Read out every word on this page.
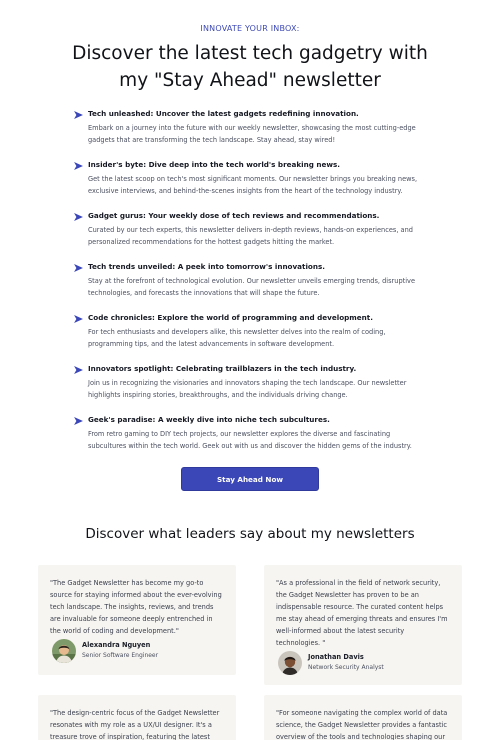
INNOVATE YOUR INBOX:
Discover the latest tech gadgetry with my "Stay Ahead" newsletter
Tech unleashed: Uncover the latest gadgets redefining innovation.
Embark on a journey into the future with our weekly newsletter, showcasing the most cutting-edge gadgets that are transforming the tech landscape. Stay ahead, stay wired!
Insider's byte: Dive deep into the tech world's breaking news.
Get the latest scoop on tech's most significant moments. Our newsletter brings you breaking news, exclusive interviews, and behind-the-scenes insights from the heart of the technology industry.
Gadget gurus: Your weekly dose of tech reviews and recommendations.
Curated by our tech experts, this newsletter delivers in-depth reviews, hands-on experiences, and personalized recommendations for the hottest gadgets hitting the market.
Tech trends unveiled: A peek into tomorrow's innovations.
Stay at the forefront of technological evolution. Our newsletter unveils emerging trends, disruptive technologies, and forecasts the innovations that will shape the future.
Code chronicles: Explore the world of programming and development.
For tech enthusiasts and developers alike, this newsletter delves into the realm of coding, programming tips, and the latest advancements in software development.
Innovators spotlight: Celebrating trailblazers in the tech industry.
Join us in recognizing the visionaries and innovators shaping the tech landscape. Our newsletter highlights inspiring stories, breakthroughs, and the individuals driving change.
Geek's paradise: A weekly dive into niche tech subcultures.
From retro gaming to DIY tech projects, our newsletter explores the diverse and fascinating subcultures within the tech world. Geek out with us and discover the hidden gems of the industry.
Stay Ahead Now
Discover what leaders say about my newsletters

"The Gadget Newsletter has become my go-to source for staying informed about the ever-evolving tech landscape. The insights, reviews, and trends are invaluable for someone deeply entrenched in the world of coding and development."

Alexandra Nguyen
Senior Software Engineer

"As a professional in the field of network security, the Gadget Newsletter has proven to be an indispensable resource. The curated content helps me stay ahead of emerging threats and ensures I'm well-informed about the latest security technologies. "

Jonathan Davis
Network Security Analyst

"The design-centric focus of the Gadget Newsletter resonates with my role as a UX/UI designer. It's a treasure trove of inspiration, featuring the latest

"For someone navigating the complex world of data science, the Gadget Newsletter provides a fantastic overview of the tools and technologies shaping our
